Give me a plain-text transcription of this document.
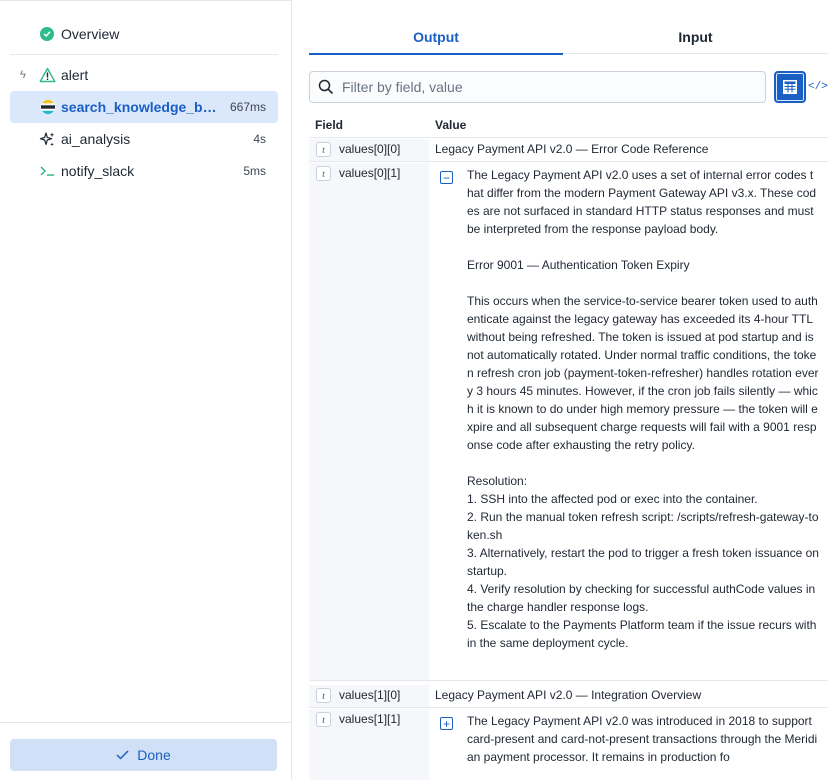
Overview
ϟ	alert
search_knowledge_b… 667ms
ai_analysis	4s
notify_slack	5ms
Done
Output	Input
Filter by field, value
</>
Field	Value
t	values[0][0]	Legacy Payment API v2.0 — Error Code Reference
t	values[0][1]	− The Legacy Payment API v2.0 uses a set of internal error codes that differ from the modern Payment Gateway API v3.x. These codes are not surfaced in standard HTTP status responses and must be interpreted from the response payload body.

Error 9001 — Authentication Token Expiry

This occurs when the service-to-service bearer token used to authenticate against the legacy gateway has exceeded its 4-hour TTL without being refreshed. The token is issued at pod startup and is not automatically rotated. Under normal traffic conditions, the token refresh cron job (payment-token-refresher) handles rotation every 3 hours 45 minutes. However, if the cron job fails silently — which it is known to do under high memory pressure — the token will expire and all subsequent charge requests will fail with a 9001 response code after exhausting the retry policy.

Resolution:
1. SSH into the affected pod or exec into the container.
2. Run the manual token refresh script: /scripts/refresh-gateway-token.sh
3. Alternatively, restart the pod to trigger a fresh token issuance on startup.
4. Verify resolution by checking for successful authCode values in the charge handler response logs.
5. Escalate to the Payments Platform team if the issue recurs within the same deployment cycle.
t	values[1][0]	Legacy Payment API v2.0 — Integration Overview
t	values[1][1]	+ The Legacy Payment API v2.0 was introduced in 2018 to support card-present and card-not-present transactions through the Meridian payment processor. It remains in production fo
